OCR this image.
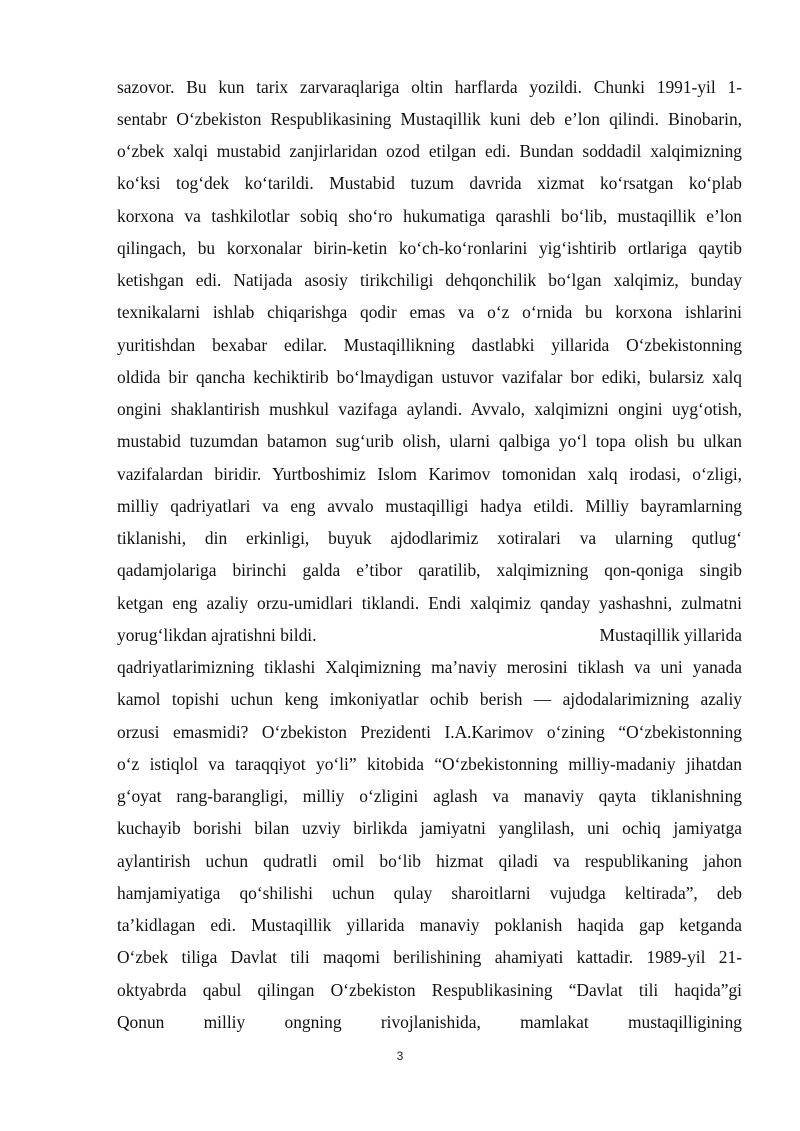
sazovor. Bu kun tarix zarvaraqlariga oltin harflarda yozildi. Chunki 1991-yil 1-
sentabr O‘zbekiston Respublikasining Mustaqillik kuni deb e’lon qilindi. Binobarin,
o‘zbek xalqi mustabid zanjirlaridan ozod etilgan edi. Bundan soddadil xalqimizning
ko‘ksi tog‘dek ko‘tarildi. Mustabid tuzum davrida xizmat ko‘rsatgan ko‘plab
korxona va tashkilotlar sobiq sho‘ro hukumatiga qarashli bo‘lib, mustaqillik e’lon
qilingach, bu korxonalar birin-ketin ko‘ch-ko‘ronlarini yig‘ishtirib ortlariga qaytib
ketishgan edi. Natijada asosiy tirikchiligi dehqonchilik bo‘lgan xalqimiz, bunday
texnikalarni ishlab chiqarishga qodir emas va o‘z o‘rnida bu korxona ishlarini
yuritishdan bexabar edilar. Mustaqillikning dastlabki yillarida O‘zbekistonning
oldida bir qancha kechiktirib bo‘lmaydigan ustuvor vazifalar bor ediki, bularsiz xalq
ongini shaklantirish mushkul vazifaga aylandi. Avvalo, xalqimizni ongini uyg‘otish,
mustabid tuzumdan batamon sug‘urib olish, ularni qalbiga yo‘l topa olish bu ulkan
vazifalardan biridir. Yurtboshimiz Islom Karimov tomonidan xalq irodasi, o‘zligi,
milliy qadriyatlari va eng avvalo mustaqilligi hadya etildi. Milliy bayramlarning
tiklanishi, din erkinligi, buyuk ajdodlarimiz xotiralari va ularning qutlug‘
qadamjolariga birinchi galda e’tibor qaratilib, xalqimizning qon-qoniga singib
ketgan eng azaliy orzu-umidlari tiklandi. Endi xalqimiz qanday yashashni, zulmatni
yorug‘likdan ajratishni bildi.	Mustaqillik yillarida
qadriyatlarimizning tiklashi Xalqimizning ma’naviy merosini tiklash va uni yanada
kamol topishi uchun keng imkoniyatlar ochib berish — ajdodalarimizning azaliy
orzusi emasmidi? O‘zbekiston Prezidenti I.A.Karimov o‘zining “O‘zbekistonning
o‘z istiqlol va taraqqiyot yo‘li” kitobida “O‘zbekistonning milliy-madaniy jihatdan
g‘oyat rang-barangligi, milliy o‘zligini aglash va manaviy qayta tiklanishning
kuchayib borishi bilan uzviy birlikda jamiyatni yanglilash, uni ochiq jamiyatga
aylantirish uchun qudratli omil bo‘lib hizmat qiladi va respublikaning jahon
hamjamiyatiga qo‘shilishi uchun qulay sharoitlarni vujudga keltirada”, deb
ta’kidlagan edi. Mustaqillik yillarida manaviy poklanish haqida gap ketganda
O‘zbek tiliga Davlat tili maqomi berilishining ahamiyati kattadir. 1989-yil 21-
oktyabrda qabul qilingan O‘zbekiston Respublikasining “Davlat tili haqida”gi
Qonun milliy ongning rivojlanishida, mamlakat mustaqilligining
3
